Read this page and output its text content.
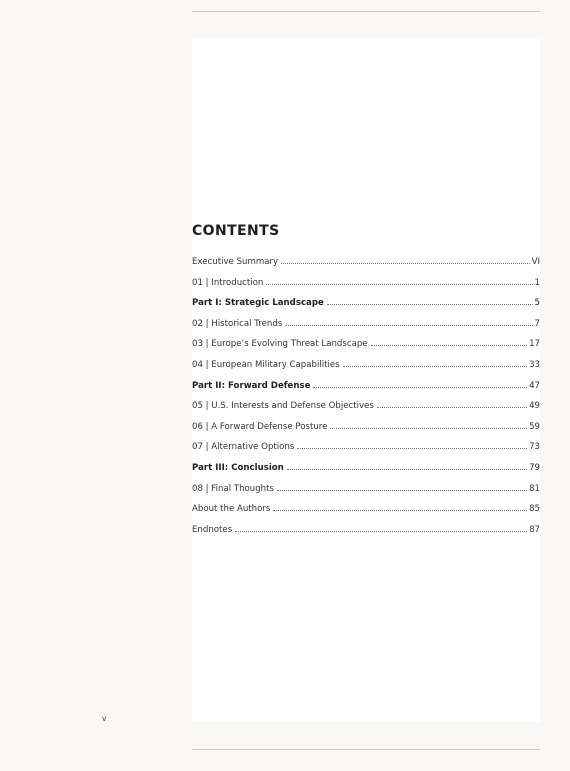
CONTENTS
Executive Summary	VI
01 | Introduction	1
Part I: Strategic Landscape	5
02 | Historical Trends	7
03 | Europe’s Evolving Threat Landscape	17
04 | European Military Capabilities	33
Part II: Forward Defense	47
05 | U.S. Interests and Defense Objectives	49
06 | A Forward Defense Posture	59
07 | Alternative Options	73
Part III: Conclusion	79
08 | Final Thoughts	81
About the Authors	85
Endnotes	87
v
